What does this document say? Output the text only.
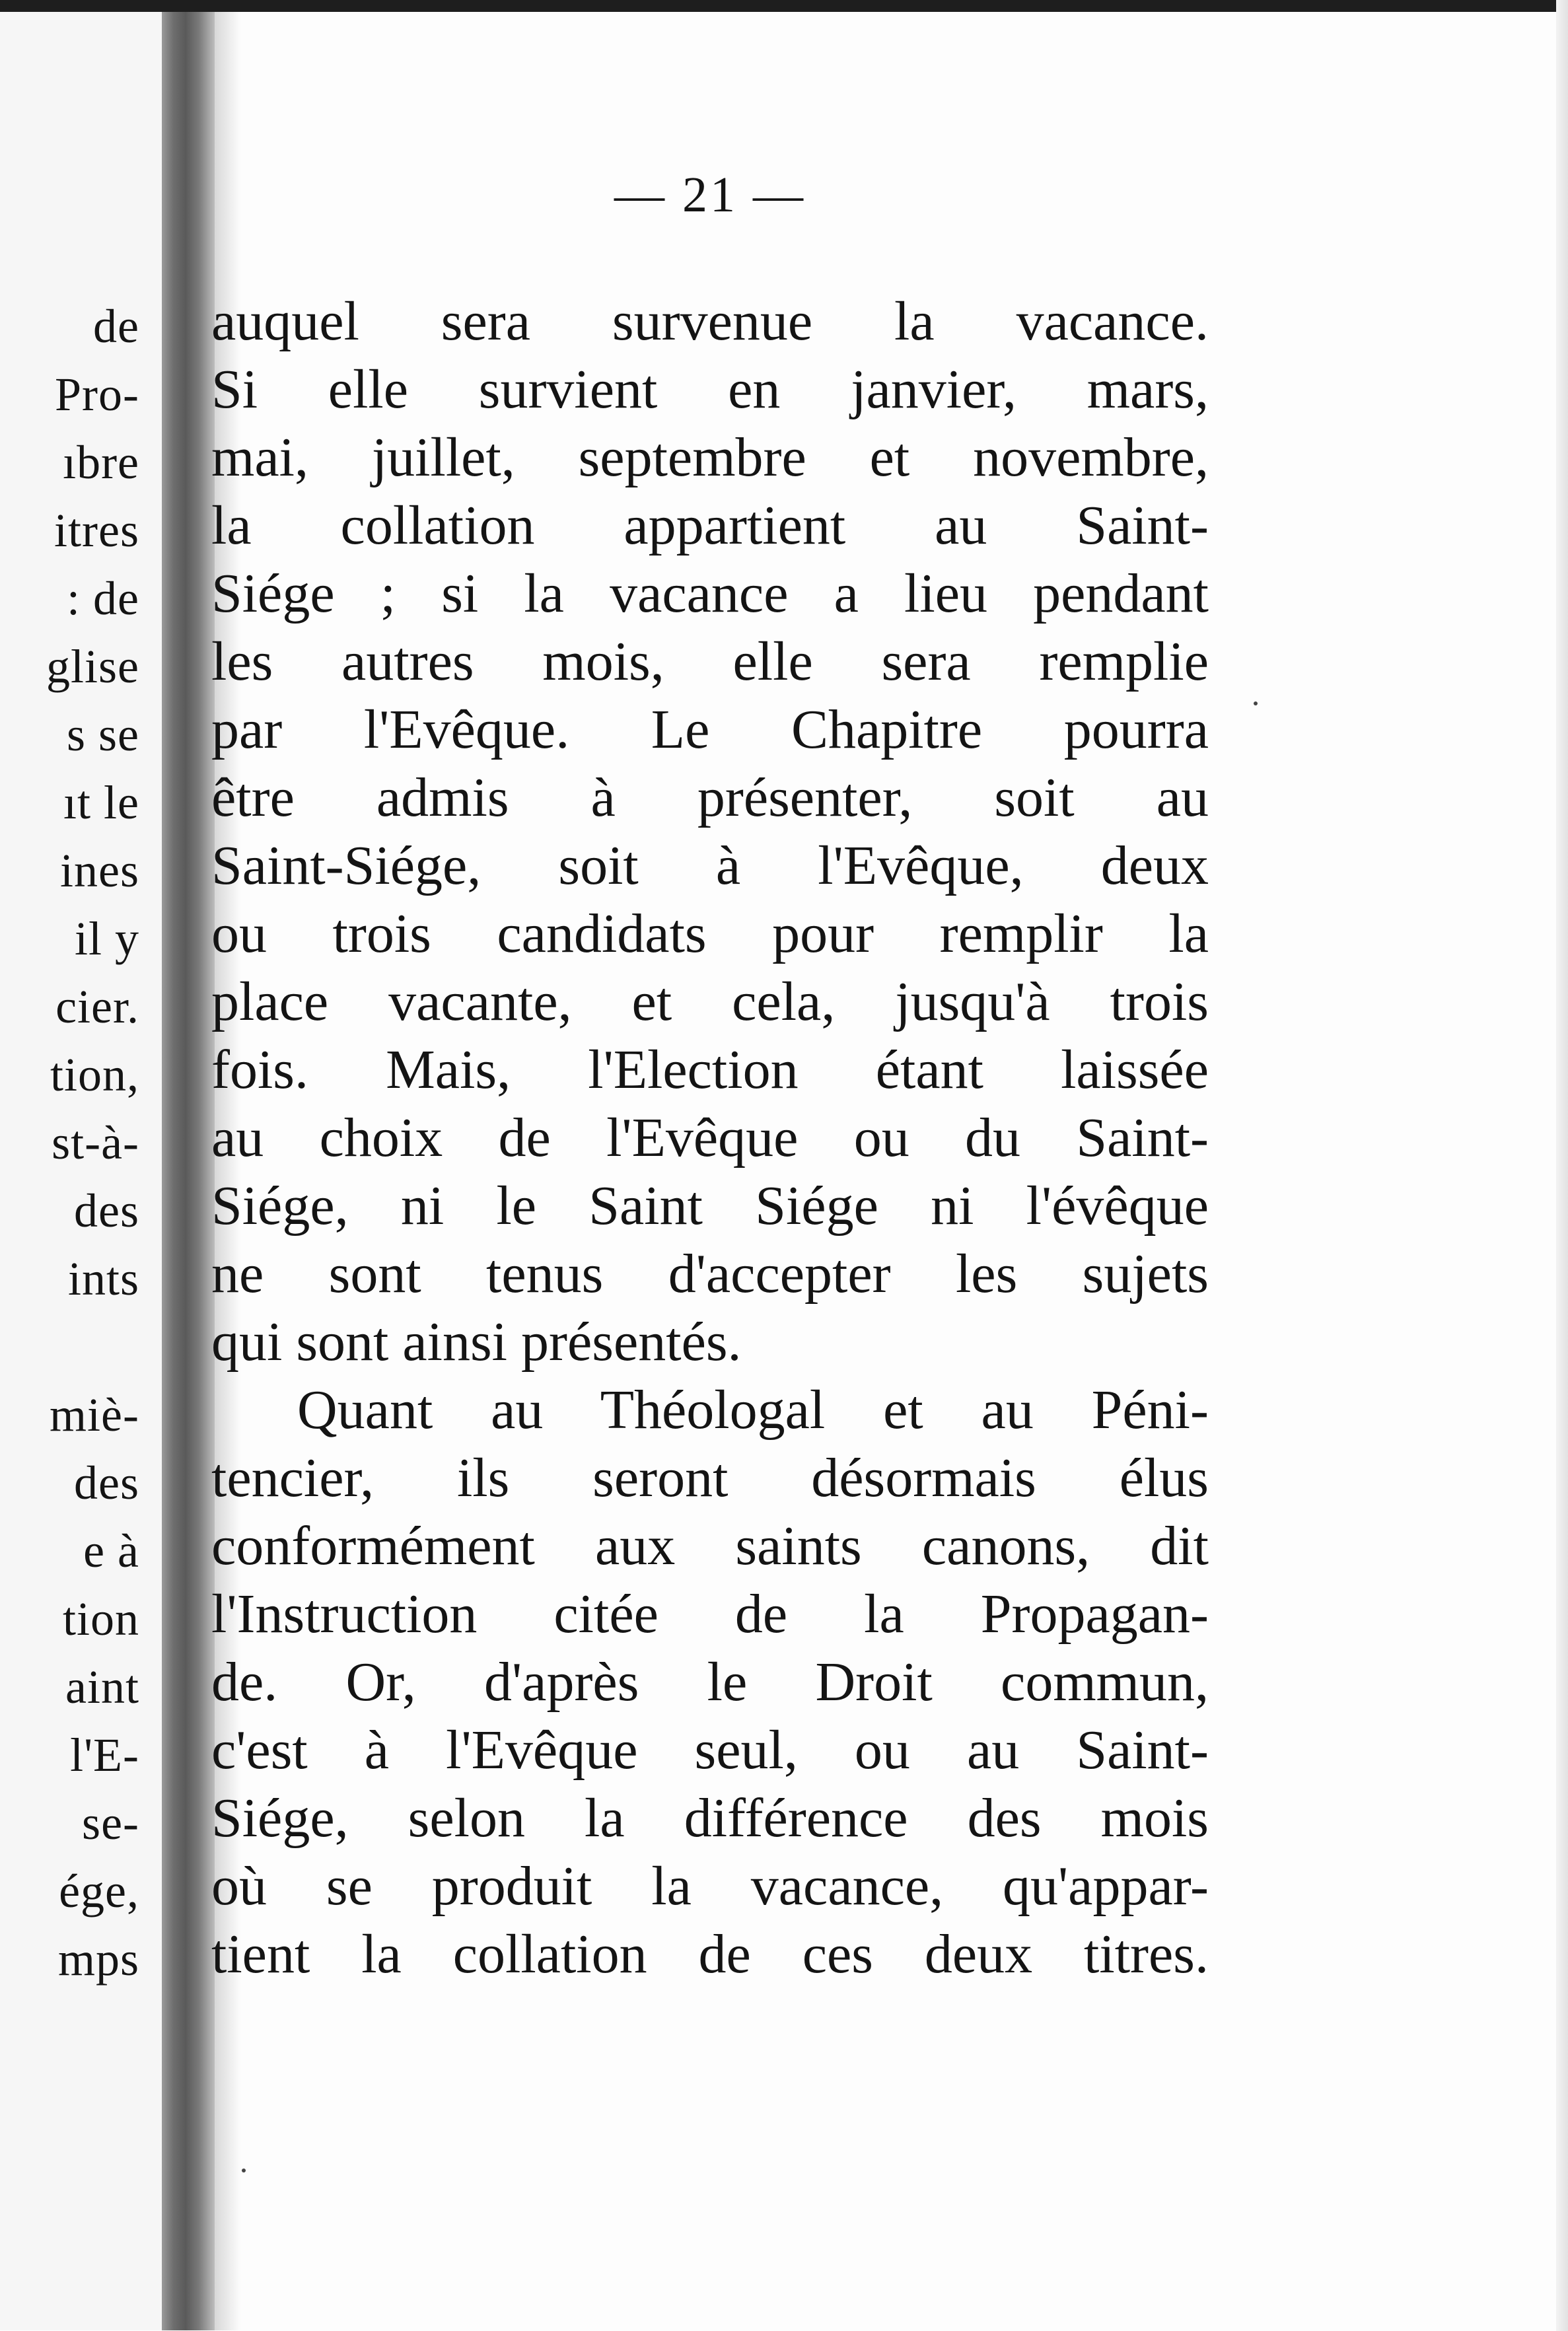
de
Pro-
ıbre
itres
: de
glise
s se
ıt le
ines
il y
cier.
tion,
st-à-
des
ints
miè-
des
e à
tion
aint
l'E-
se-
ége,
mps
— 21 —
auquel sera survenue la vacance.
Si elle survient en janvier, mars,
mai, juillet, septembre et novembre,
la collation appartient au Saint-
Siége ; si la vacance a lieu pendant
les autres mois, elle sera remplie
par l'Evêque. Le Chapitre pourra
être admis à présenter, soit au
Saint-Siége, soit à l'Evêque, deux
ou trois candidats pour remplir la
place vacante, et cela, jusqu'à trois
fois. Mais, l'Election étant laissée
au choix de l'Evêque ou du Saint-
Siége, ni le Saint Siége ni l'évêque
ne sont tenus d'accepter les sujets
qui sont ainsi présentés.
Quant au Théologal et au Péni-
tencier, ils seront désormais élus
conformément aux saints canons, dit
l'Instruction citée de la Propagan-
de. Or, d'après le Droit commun,
c'est à l'Evêque seul, ou au Saint-
Siége, selon la différence des mois
où se produit la vacance, qu'appar-
tient la collation de ces deux titres.
